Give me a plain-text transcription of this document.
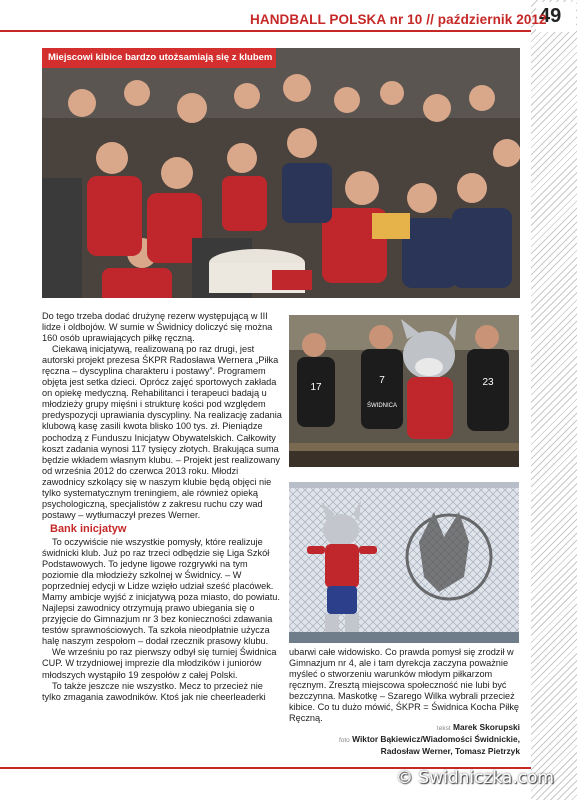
49
HANDBALL POLSKA nr 10 // październik 2012
Miejscowi kibice bardzo utożsamiają się z klubem

Do tego trzeba dodać drużynę rezerw występującą w III lidze i oldbojów. W sumie w Świdnicy doliczyć się można 160 osób uprawiających piłkę ręczną.

Ciekawą inicjatywą, realizowaną po raz drugi, jest autorski projekt prezesa ŚKPR Radosława Wernera „Piłka ręczna – dyscyplina charakteru i postawy”. Programem objęta jest setka dzieci. Oprócz zajęć sportowych zakłada on opiekę medyczną. Rehabilitanci i terapeuci badają u młodzieży grupy mięśni i strukturę kości pod względem predyspozycji uprawiania dyscypliny. Na realizację zadania klubową kasę zasili kwota blisko 100 tys. zł. Pieniądze pochodzą z Funduszu Inicjatyw Obywatelskich. Całkowity koszt zadania wynosi 117 tysięcy złotych. Brakująca suma będzie wkładem własnym klubu. – Projekt jest realizowany od września 2012 do czerwca 2013 roku. Młodzi zawodnicy szkolący się w naszym klubie będą objęci nie tylko systematycznym treningiem, ale również opieką psychologiczną, specjalistów z zakresu ruchu czy wad postawy – wytłumaczył prezes Werner.

Bank inicjatyw

To oczywiście nie wszystkie pomysły, które realizuje świdnicki klub. Już po raz trzeci odbędzie się Liga Szkół Podstawowych. To jedyne ligowe rozgrywki na tym poziomie dla młodzieży szkolnej w Świdnicy. – W poprzedniej edycji w Lidze wzięło udział sześć placówek. Mamy ambicje wyjść z inicjatywą poza miasto, do powiatu. Najlepsi zawodnicy otrzymują prawo ubiegania się o przyjęcie do Gimnazjum nr 3 bez konieczności zdawania testów sprawnościowych. Ta szkoła nieodpłatnie użycza halę naszym zespołom – dodał rzecznik prasowy klubu.

We wrześniu po raz pierwszy odbył się turniej Świdnica CUP. W trzydniowej imprezie dla młodzików i juniorów młodszych wystąpiło 19 zespołów z całej Polski.

To także jeszcze nie wszystko. Mecz to przecież nie tylko zmagania zawodników. Ktoś jak nie cheerleaderki

17
7
ŚWIDNICA
23
ubarwi całe widowisko. Co prawda pomysł się zrodził w Gimnazjum nr 4, ale i tam dyrekcja zaczyna poważnie myśleć o stworzeniu warunków młodym piłkarzom ręcznym. Zresztą miejscowa społeczność nie lubi być bezczynna. Maskotkę – Szarego Wilka wybrali przecież kibice. Co tu dużo mówić, ŚKPR = Świdnica Kocha Piłkę Ręczną.
tekst Marek Skorupski
foto Wiktor Bąkiewicz/Wiadomości Świdnickie,
Radosław Werner, Tomasz Pietrzyk
© Swidniczka.com
